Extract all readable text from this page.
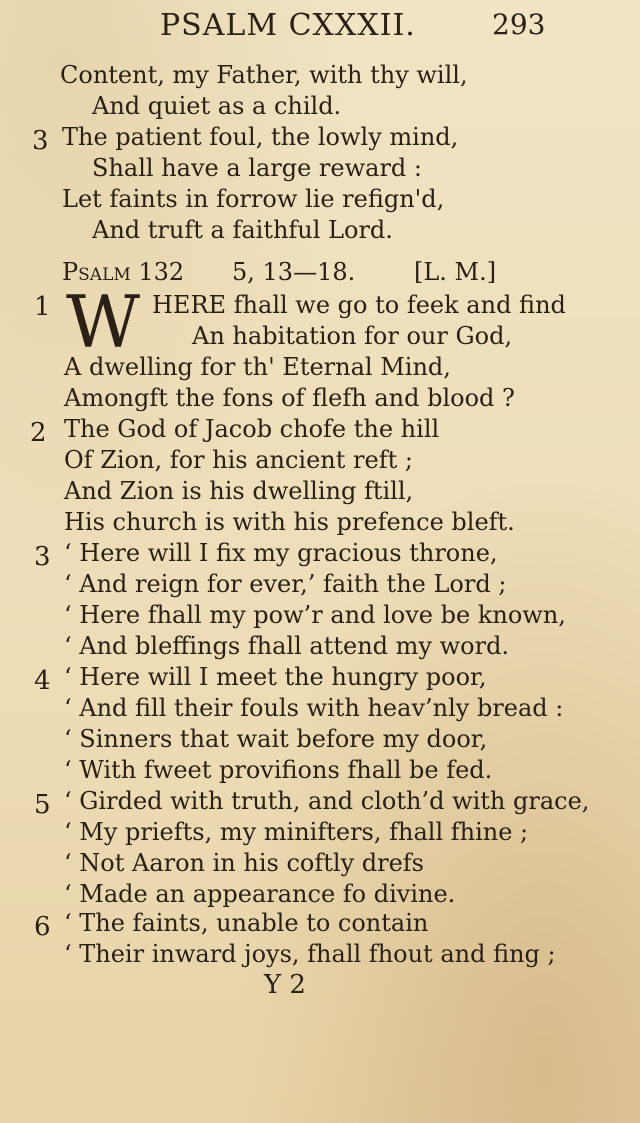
PSALM CXXXII.	293
Content, my Father, with thy will,
And quiet as a child.
3 The patient foul, the lowly mind,
Shall have a large reward :
Let faints in forrow lie refign'd,
And truft a faithful Lord.
Psalm 132 5, 13—18. [L. M.]
1 W HERE fhall we go to feek and find
An habitation for our God,
A dwelling for th' Eternal Mind,
Amongft the fons of flefh and blood ?
2 The God of Jacob chofe the hill
Of Zion, for his ancient reft ;
And Zion is his dwelling ftill,
His church is with his prefence bleft.
3 ‘ Here will I fix my gracious throne,
‘ And reign for ever,’ faith the Lord ;
‘ Here fhall my pow’r and love be known,
‘ And bleffings fhall attend my word.
4 ‘ Here will I meet the hungry poor,
‘ And fill their fouls with heav’nly bread :
‘ Sinners that wait before my door,
‘ With fweet provifions fhall be fed.
5 ‘ Girded with truth, and cloth’d with grace,
‘ My priefts, my minifters, fhall fhine ;
‘ Not Aaron in his coftly drefs
‘ Made an appearance fo divine.
6 ‘ The faints, unable to contain
‘ Their inward joys, fhall fhout and fing ;
Y 2
